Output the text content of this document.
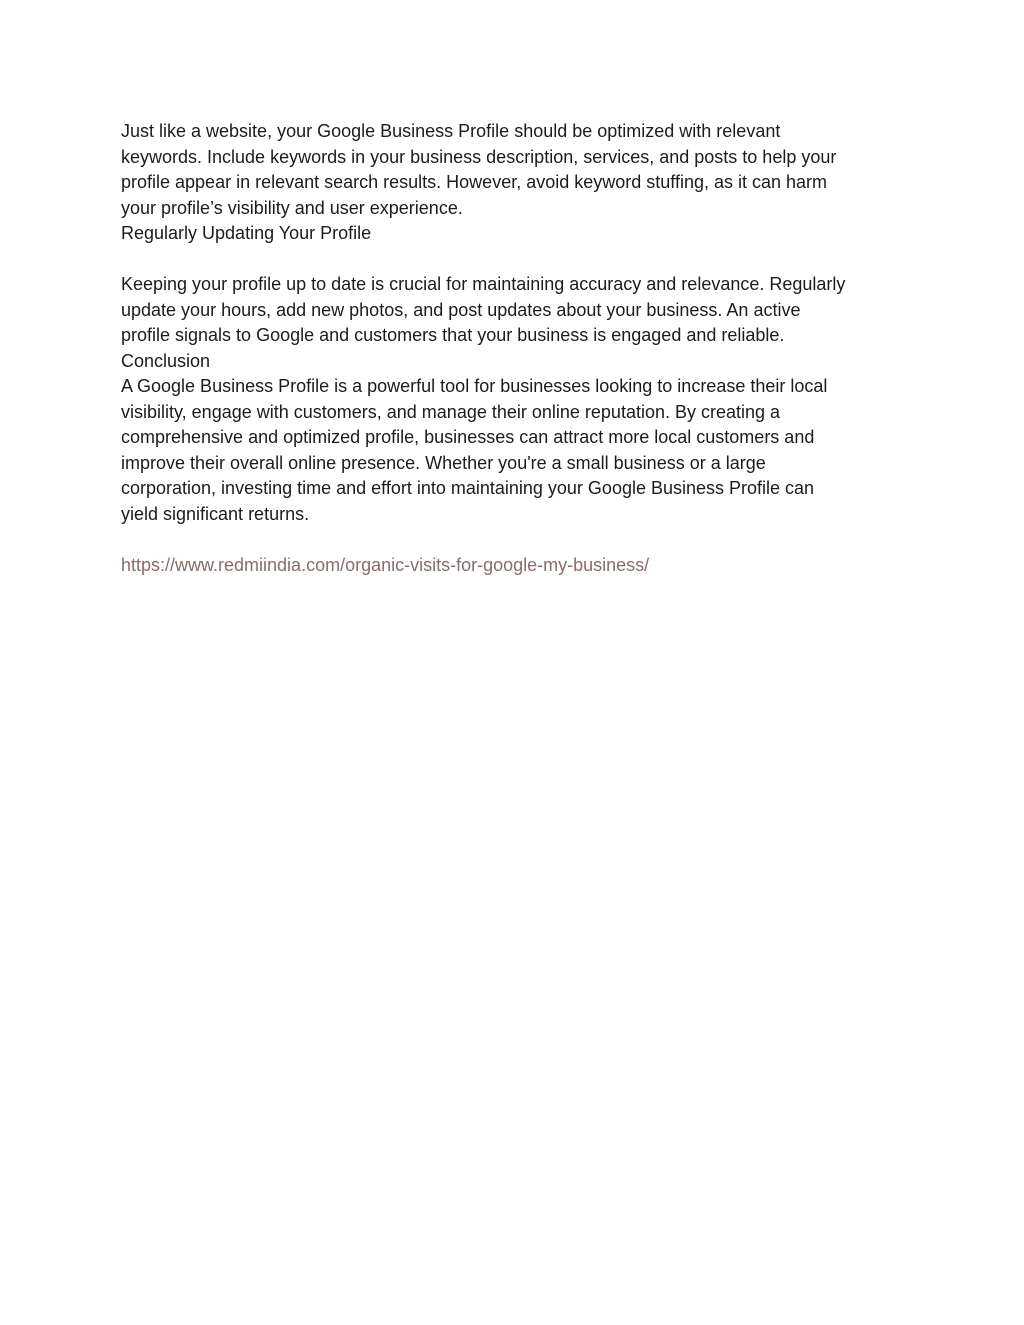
Just like a website, your Google Business Profile should be optimized with relevant
keywords. Include keywords in your business description, services, and posts to help your
profile appear in relevant search results. However, avoid keyword stuffing, as it can harm
your profile’s visibility and user experience.
Regularly Updating Your Profile
Keeping your profile up to date is crucial for maintaining accuracy and relevance. Regularly
update your hours, add new photos, and post updates about your business. An active
profile signals to Google and customers that your business is engaged and reliable.
Conclusion
A Google Business Profile is a powerful tool for businesses looking to increase their local
visibility, engage with customers, and manage their online reputation. By creating a
comprehensive and optimized profile, businesses can attract more local customers and
improve their overall online presence. Whether you're a small business or a large
corporation, investing time and effort into maintaining your Google Business Profile can
yield significant returns.
https://www.redmiindia.com/organic-visits-for-google-my-business/
